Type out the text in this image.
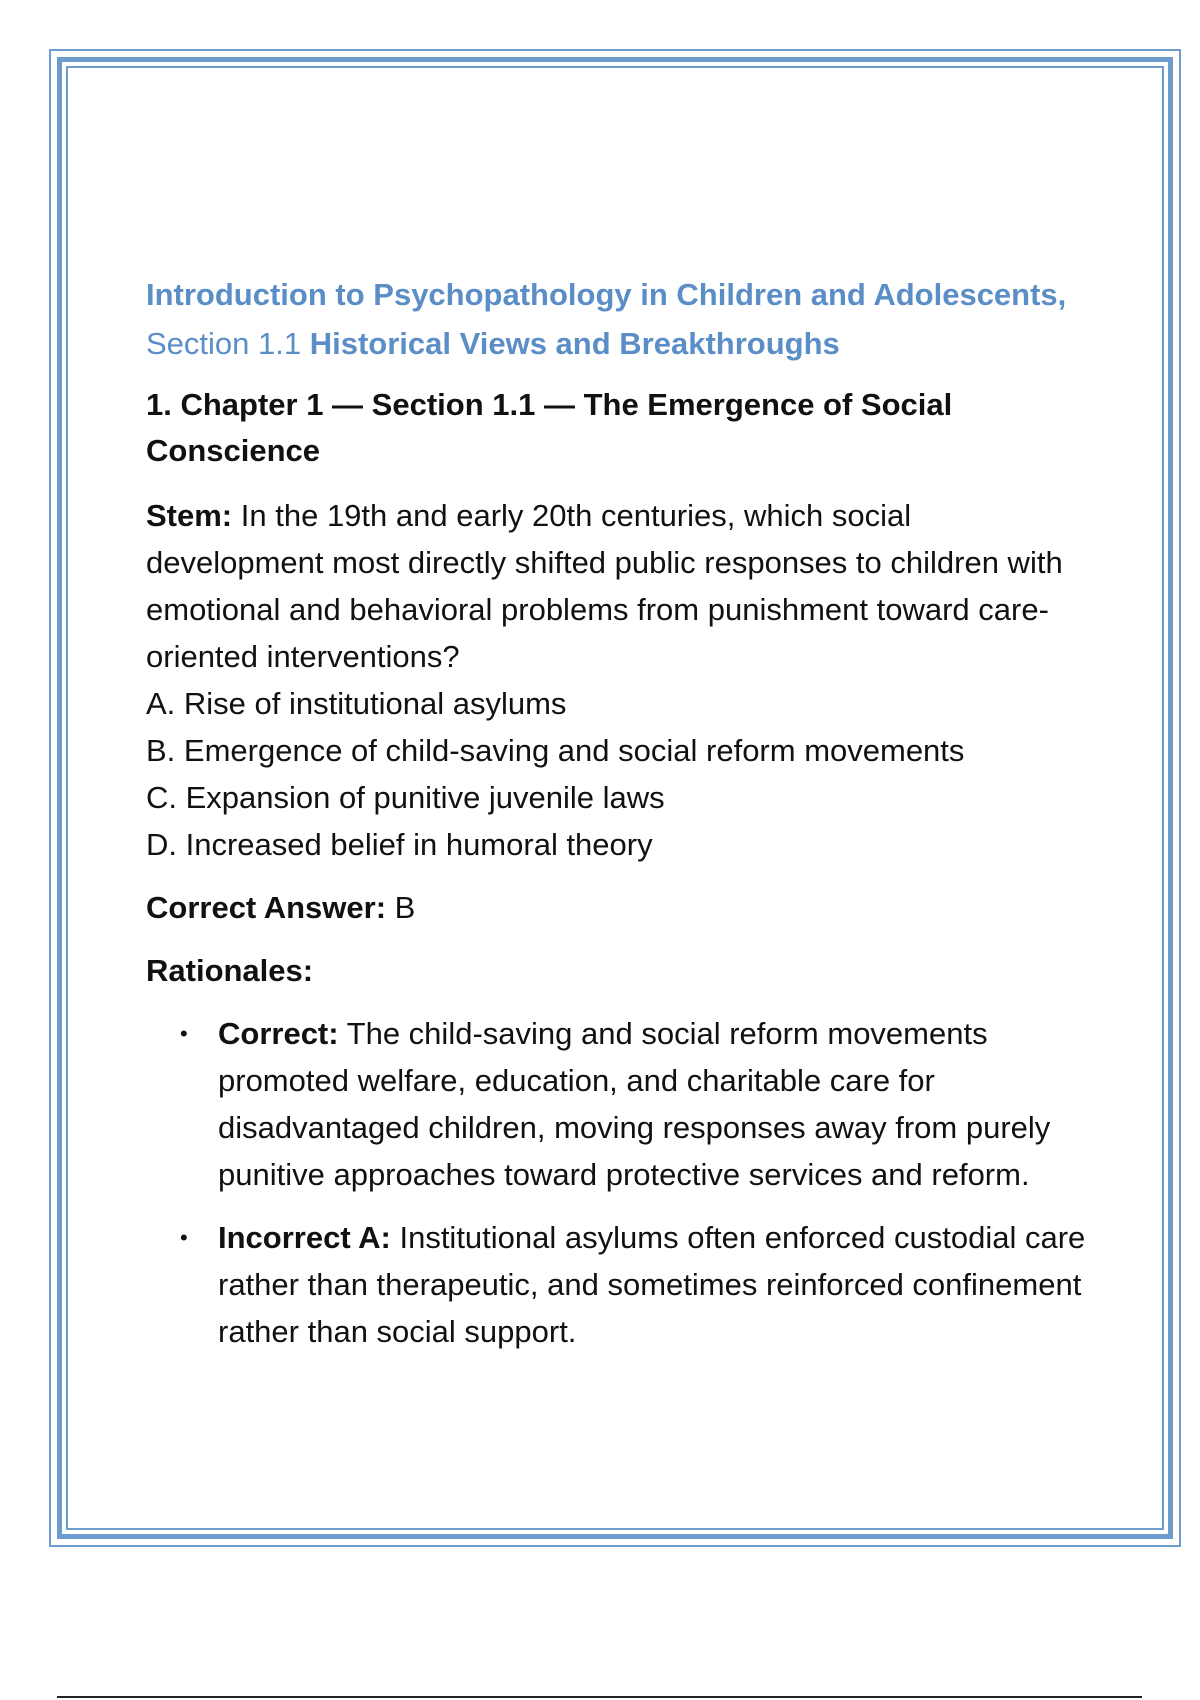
Introduction to Psychopathology in Children and Adolescents,
Section 1.1 Historical Views and Breakthroughs
1. Chapter 1 — Section 1.1 — The Emergence of Social Conscience

Stem: In the 19th and early 20th centuries, which social development most directly shifted public responses to children with emotional and behavioral problems from punishment toward care-oriented interventions?

A. Rise of institutional asylums
B. Emergence of child-saving and social reform movements
C. Expansion of punitive juvenile laws
D. Increased belief in humoral theory

Correct Answer: B

Rationales:

• Correct: The child-saving and social reform movements promoted welfare, education, and charitable care for disadvantaged children, moving responses away from purely punitive approaches toward protective services and reform.
• Incorrect A: Institutional asylums often enforced custodial care rather than therapeutic, and sometimes reinforced confinement rather than social support.
